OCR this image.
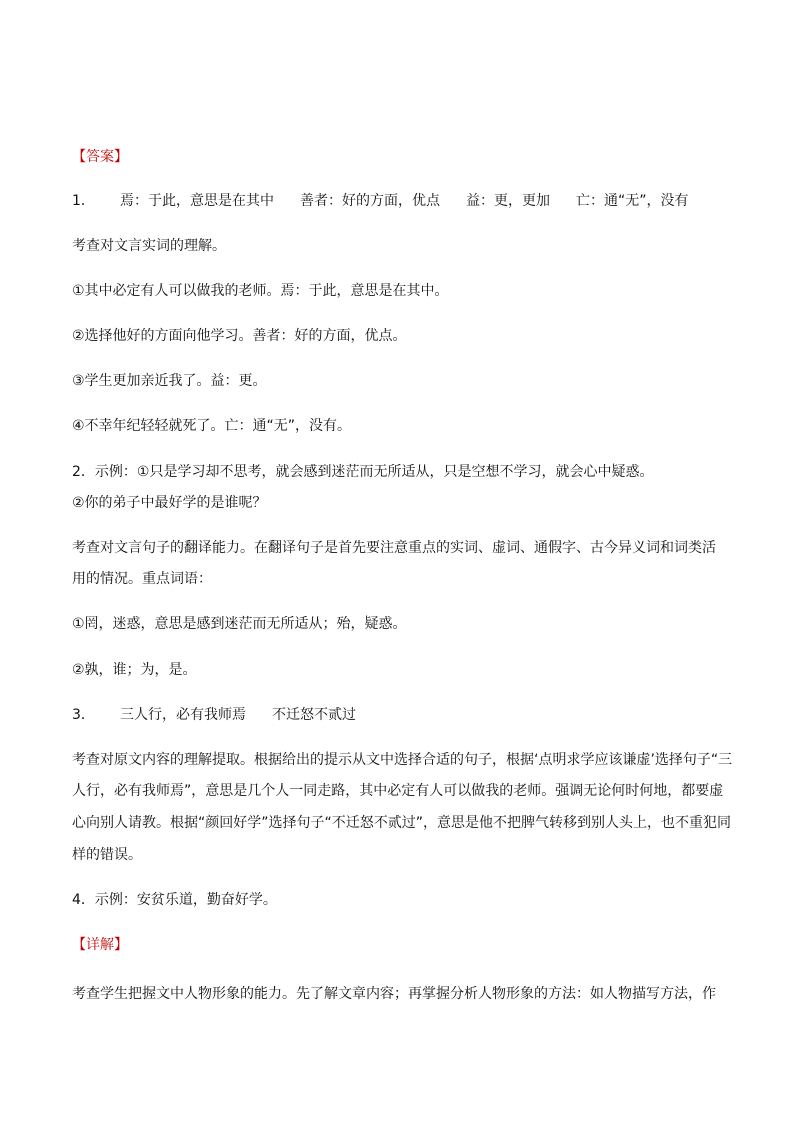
【答案】
1．	焉：于此，意思是在其中 善者：好的方面，优点 益：更，更加 亡：通“无”，没有
考查对文言实词的理解。
①其中必定有人可以做我的老师。焉：于此，意思是在其中。
②选择他好的方面向他学习。善者：好的方面，优点。
③学生更加亲近我了。益：更。
④不幸年纪轻轻就死了。亡：通“无”，没有。
2．示例：①只是学习却不思考，就会感到迷茫而无所适从，只是空想不学习，就会心中疑惑。
②你的弟子中最好学的是谁呢？
考查对文言句子的翻译能力。在翻译句子是首先要注意重点的实词、虚词、通假字、古今异义词和词类活
用的情况。重点词语：
①罔，迷惑，意思是感到迷茫而无所适从；殆，疑惑。
②孰，谁；为，是。
3．	三人行，必有我师焉 不迁怒不贰过
考查对原文内容的理解提取。根据给出的提示从文中选择合适的句子，根据‘点明求学应该谦虚’选择句子“三
人行，必有我师焉”，意思是几个人一同走路，其中必定有人可以做我的老师。强调无论何时何地，都要虚
心向别人请教。根据“颜回好学”选择句子“不迁怒不贰过”，意思是他不把脾气转移到别人头上，也不重犯同
样的错误。
4．示例：安贫乐道，勤奋好学。
【详解】
考查学生把握文中人物形象的能力。先了解文章内容；再掌握分析人物形象的方法：如人物描写方法，作
